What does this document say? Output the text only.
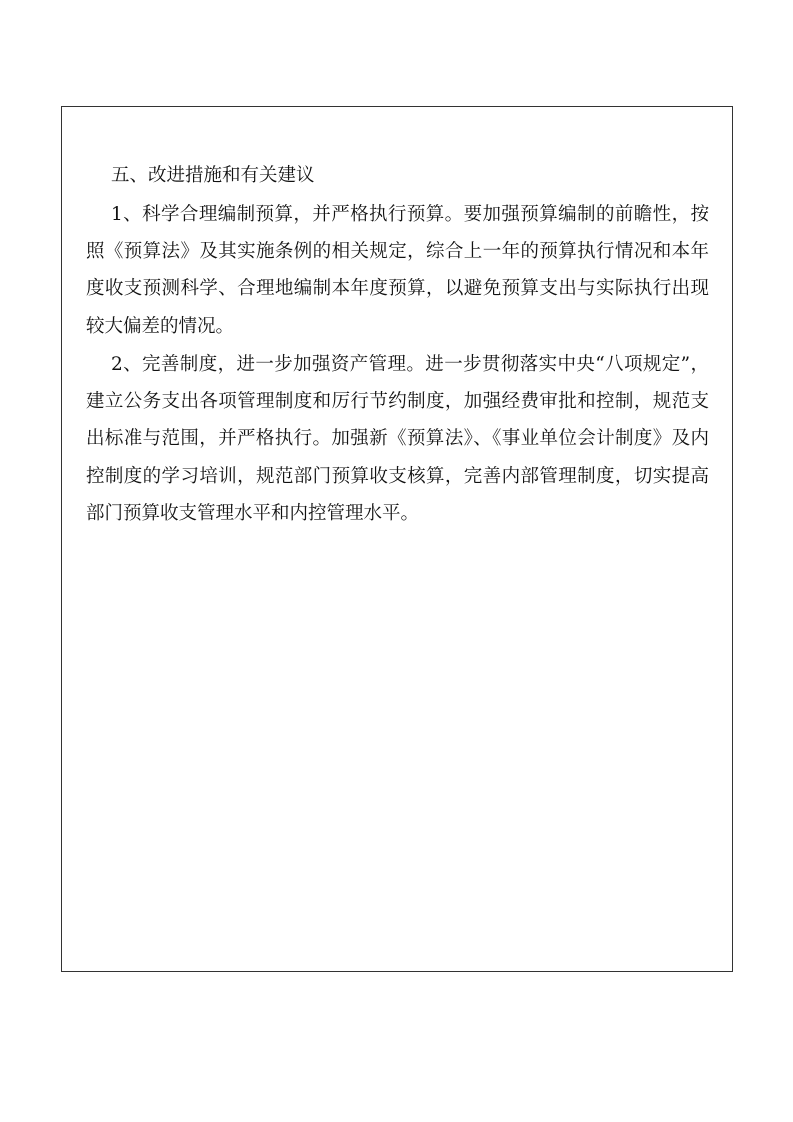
五、改进措施和有关建议

1、科学合理编制预算，并严格执行预算。要加强预算编制的前瞻性，按照《预算法》及其实施条例的相关规定，综合上一年的预算执行情况和本年度收支预测科学、合理地编制本年度预算，以避免预算支出与实际执行出现较大偏差的情况。

2、完善制度，进一步加强资产管理。进一步贯彻落实中央“八项规定”，建立公务支出各项管理制度和厉行节约制度，加强经费审批和控制，规范支出标准与范围，并严格执行。加强新《预算法》、《事业单位会计制度》及内控制度的学习培训，规范部门预算收支核算，完善内部管理制度，切实提高部门预算收支管理水平和内控管理水平。
